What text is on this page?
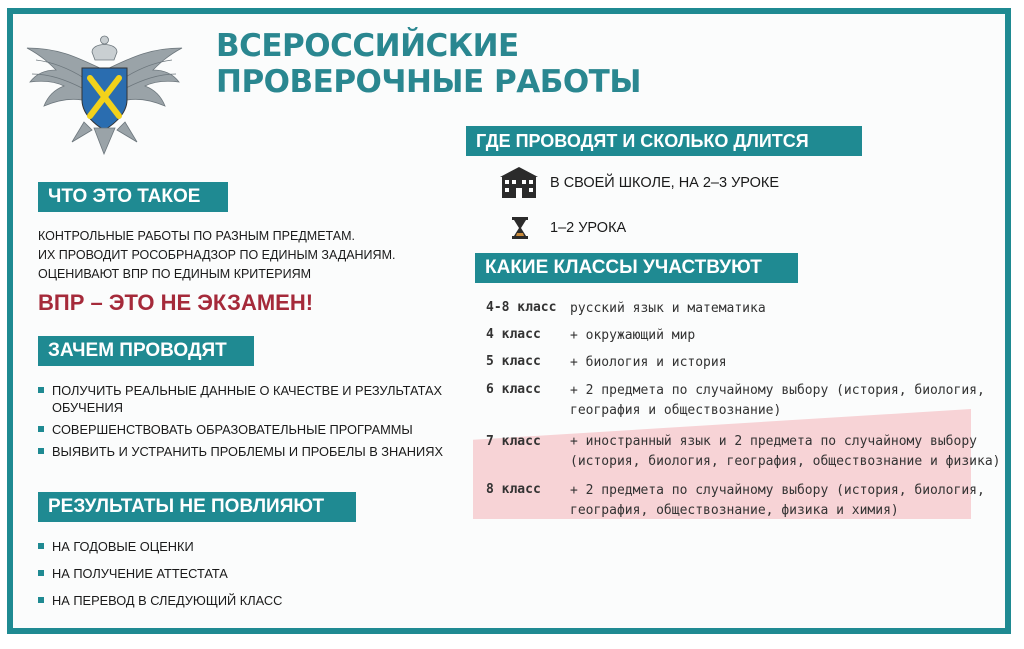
ВСЕРОССИЙСКИЕ
ПРОВЕРОЧНЫЕ РАБОТЫ
ЧТО ЭТО ТАКОЕ
КОНТРОЛЬНЫЕ РАБОТЫ ПО РАЗНЫМ ПРЕДМЕТАМ.
ИХ ПРОВОДИТ РОСОБРНАДЗОР ПО ЕДИНЫМ ЗАДАНИЯМ.
ОЦЕНИВАЮТ ВПР ПО ЕДИНЫМ КРИТЕРИЯМ
ВПР – ЭТО НЕ ЭКЗАМЕН!
ЗАЧЕМ ПРОВОДЯТ
ПОЛУЧИТЬ РЕАЛЬНЫЕ ДАННЫЕ О КАЧЕСТВЕ И РЕЗУЛЬТАТАХ
ОБУЧЕНИЯ
СОВЕРШЕНСТВОВАТЬ ОБРАЗОВАТЕЛЬНЫЕ ПРОГРАММЫ
ВЫЯВИТЬ И УСТРАНИТЬ ПРОБЛЕМЫ И ПРОБЕЛЫ В ЗНАНИЯХ
РЕЗУЛЬТАТЫ НЕ ПОВЛИЯЮТ
НА ГОДОВЫЕ ОЦЕНКИ
НА ПОЛУЧЕНИЕ АТТЕСТАТА
НА ПЕРЕВОД В СЛЕДУЮЩИЙ КЛАСС
ГДЕ ПРОВОДЯТ И СКОЛЬКО ДЛИТСЯ
В СВОЕЙ ШКОЛЕ, НА 2–3 УРОКЕ
1–2 УРОКА
КАКИЕ КЛАССЫ УЧАСТВУЮТ
4-8 класс русский язык и математика
4 класс + окружающий мир
5 класс + биология и история
6 класс + 2 предмета по случайному выбору (история, биология,
география и обществознание)
7 класс + иностранный язык и 2 предмета по случайному выбору
(история, биология, география, обществознание и физика)
8 класс + 2 предмета по случайному выбору (история, биология,
география, обществознание, физика и химия)
